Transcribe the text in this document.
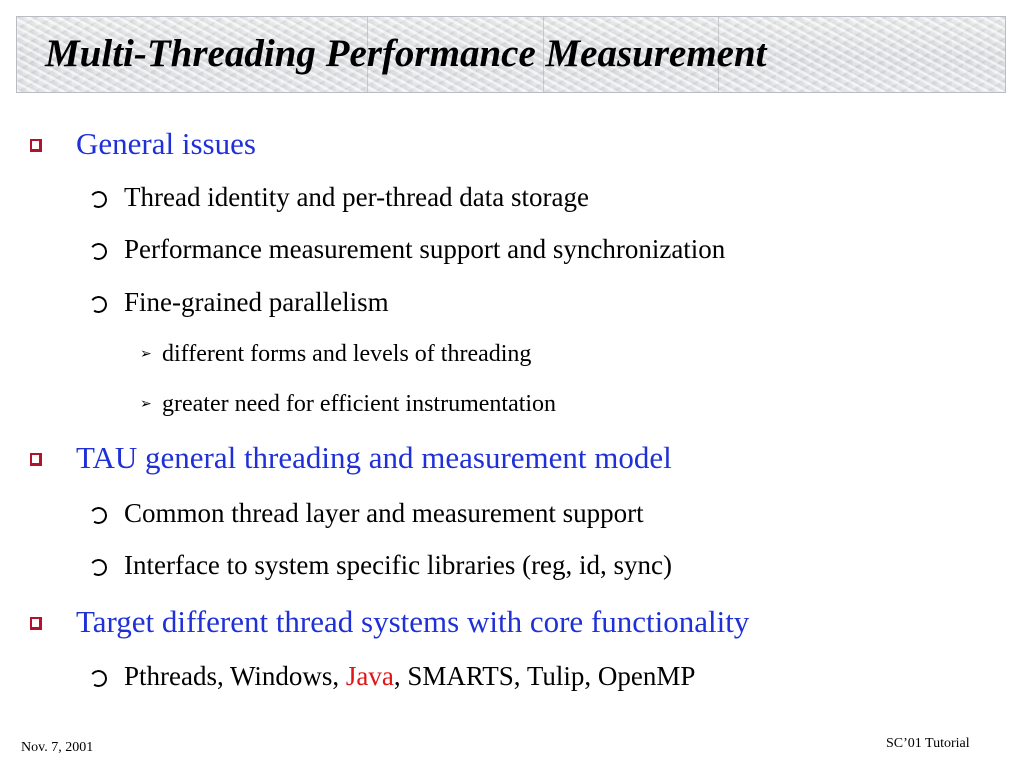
Multi-Threading Performance Measurement
General issues
Thread identity and per-thread data storage
Performance measurement support and synchronization
Fine-grained parallelism
➢ different forms and levels of threading
➢ greater need for efficient instrumentation
TAU general threading and measurement model
Common thread layer and measurement support
Interface to system specific libraries (reg, id, sync)
Target different thread systems with core functionality
Pthreads, Windows, Java, SMARTS, Tulip, OpenMP
Nov. 7, 2001	SC’01 Tutorial
